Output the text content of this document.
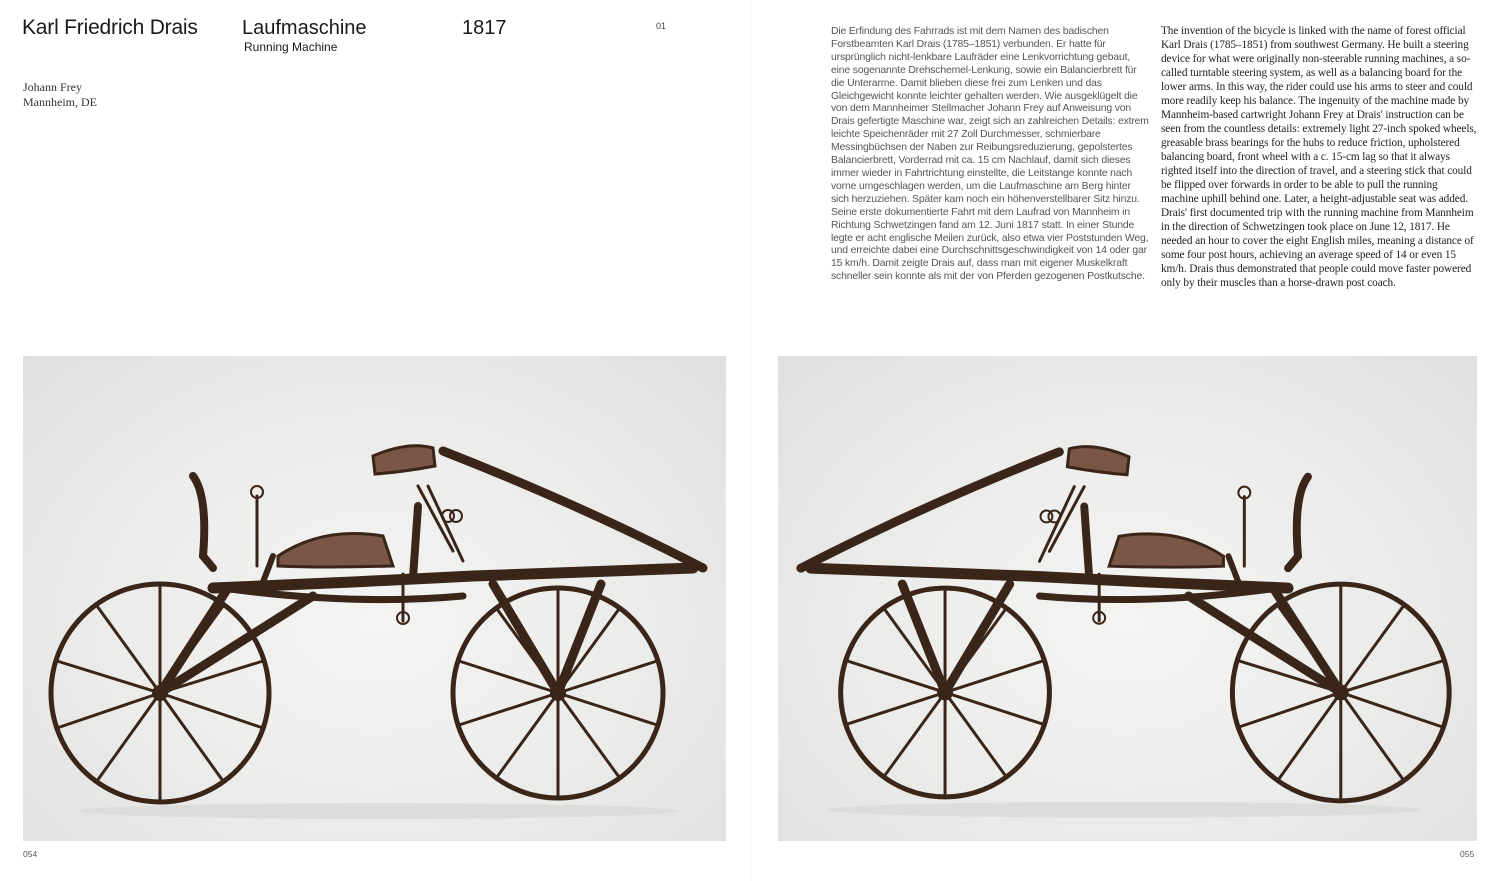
Karl Friedrich Drais Laufmaschine
Running Machine
1817	01
Johann Frey
Mannheim, DE

Die Erfindung des Fahrrads ist mit dem Namen des badischen Forstbeamten Karl Drais (1785–1851) verbunden. Er hatte für ursprünglich nicht-lenkbare Laufräder eine Lenkvorrichtung gebaut, eine sogenannte Drehschemel-Lenkung, sowie ein Balancierbrett für die Unterarme. Damit blieben diese frei zum Lenken und das Gleichgewicht konnte leichter gehalten werden. Wie ausgeklügelt die von dem Mannheimer Stellmacher Johann Frey auf Anweisung von Drais gefertigte Maschine war, zeigt sich an zahlreichen Details: extrem leichte Speichenräder mit 27 Zoll Durchmesser, schmierbare Messingbüchsen der Naben zur Reibungsreduzierung, gepolstertes Balancierbrett, Vorderrad mit ca. 15 cm Nachlauf, damit sich dieses immer wieder in Fahrtrichtung einstellte, die Leitstange konnte nach vorne umgeschlagen werden, um die Laufmaschine am Berg hinter sich herzuziehen. Später kam noch ein höhenverstellbarer Sitz hinzu.

Seine erste dokumentierte Fahrt mit dem Laufrad von Mannheim in Richtung Schwetzingen fand am 12. Juni 1817 statt. In einer Stunde legte er acht englische Meilen zurück, also etwa vier Poststunden Weg, und erreichte dabei eine Durchschnittsgeschwindigkeit von 14 oder gar 15 km/h. Damit zeigte Drais auf, dass man mit eigener Muskelkraft schneller sein konnte als mit der von Pferden gezogenen Postkutsche.

The invention of the bicycle is linked with the name of forest official Karl Drais (1785–1851) from southwest Germany. He built a steering device for what were originally non-steerable running machines, a so-called turntable steering system, as well as a balancing board for the lower arms. In this way, the rider could use his arms to steer and could more readily keep his balance. The ingenuity of the machine made by Mannheim-based cartwright Johann Frey at Drais' instruction can be seen from the countless details: extremely light 27-inch spoked wheels, greasable brass bearings for the hubs to reduce friction, upholstered balancing board, front wheel with a c. 15-cm lag so that it always righted itself into the direction of travel, and a steering stick that could be flipped over forwards in order to be able to pull the running machine uphill behind one. Later, a height-adjustable seat was added.

Drais' first documented trip with the running machine from Mannheim in the direction of Schwetzingen took place on June 12, 1817. He needed an hour to cover the eight English miles, meaning a distance of some four post hours, achieving an average speed of 14 or even 15 km/h. Drais thus demonstrated that people could move faster powered only by their muscles than a horse-drawn post coach.

054	055
